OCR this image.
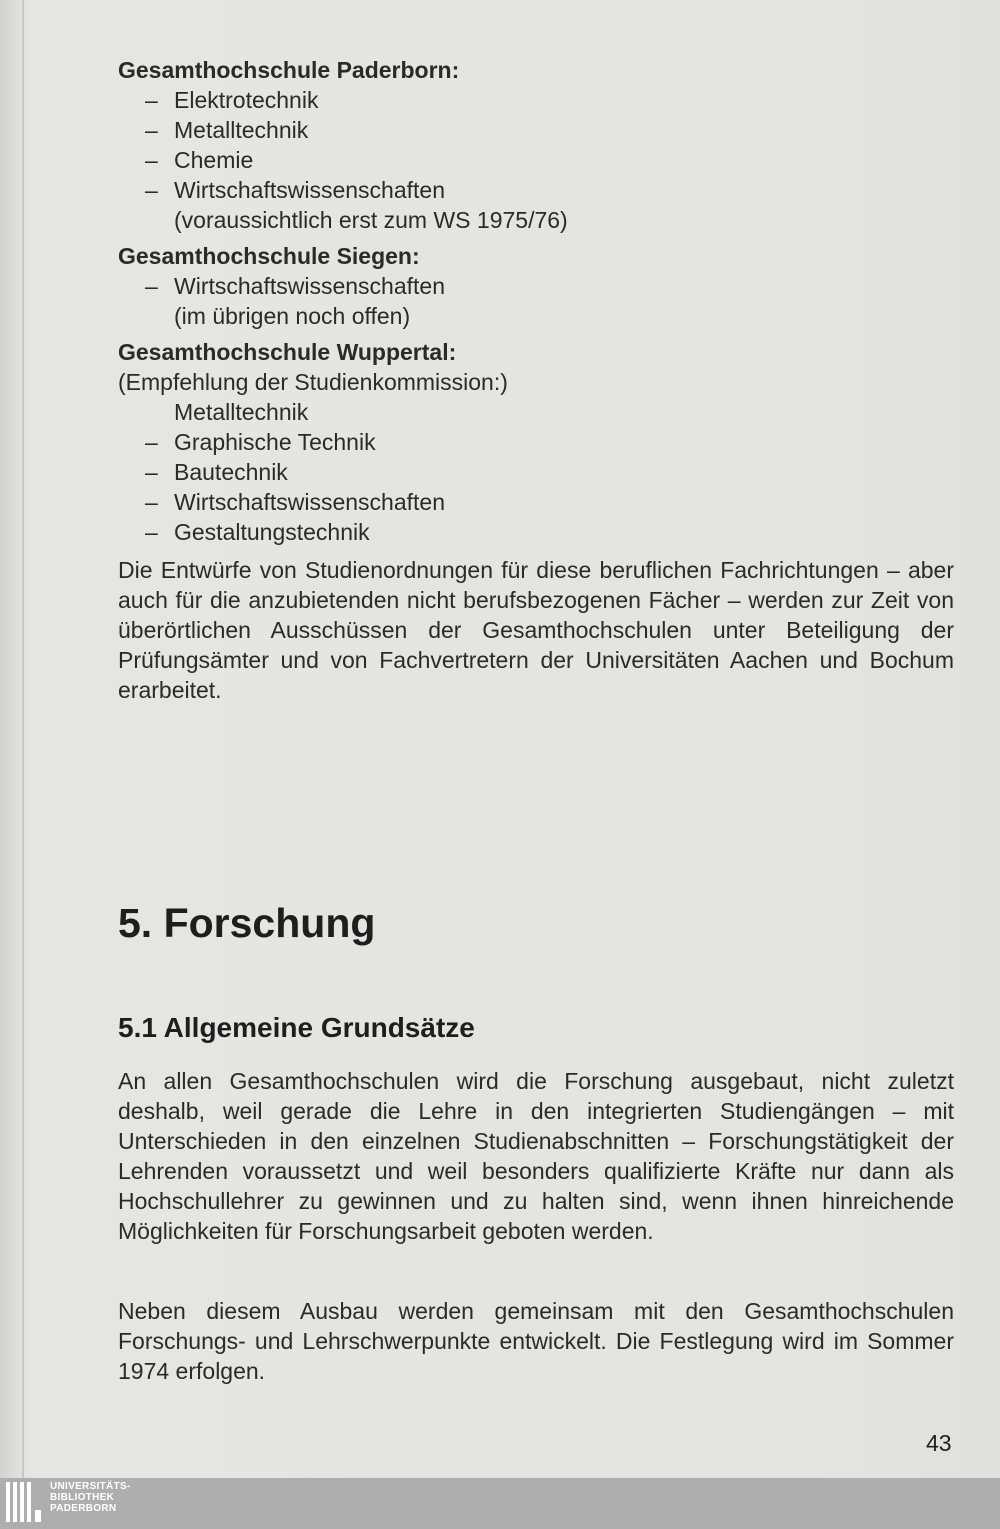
Gesamthochschule Paderborn:
– Elektrotechnik
– Metalltechnik
– Chemie
– Wirtschaftswissenschaften
(voraussichtlich erst zum WS 1975/76)
Gesamthochschule Siegen:
– Wirtschaftswissenschaften
(im übrigen noch offen)
Gesamthochschule Wuppertal:
(Empfehlung der Studienkommission:)
Metalltechnik
– Graphische Technik
– Bautechnik
– Wirtschaftswissenschaften
– Gestaltungstechnik
Die Entwürfe von Studienordnungen für diese beruflichen Fachrichtungen – aber auch für die anzubietenden nicht berufsbezogenen Fächer – werden zur Zeit von überörtlichen Ausschüssen der Gesamthochschulen unter Beteiligung der Prüfungsämter und von Fachvertretern der Universitäten Aachen und Bochum erarbeitet.
5. Forschung
5.1 Allgemeine Grundsätze
An allen Gesamthochschulen wird die Forschung ausgebaut, nicht zuletzt deshalb, weil gerade die Lehre in den integrierten Studiengängen – mit Unterschieden in den einzelnen Studienabschnitten – Forschungstätigkeit der Lehrenden voraussetzt und weil besonders qualifizierte Kräfte nur dann als Hochschullehrer zu gewinnen und zu halten sind, wenn ihnen hinreichende Möglichkeiten für Forschungsarbeit geboten werden.
Neben diesem Ausbau werden gemeinsam mit den Gesamthochschulen Forschungs- und Lehrschwerpunkte entwickelt. Die Festlegung wird im Sommer 1974 erfolgen.
43
UNIVERSITÄTS-
BIBLIOTHEK
PADERBORN
